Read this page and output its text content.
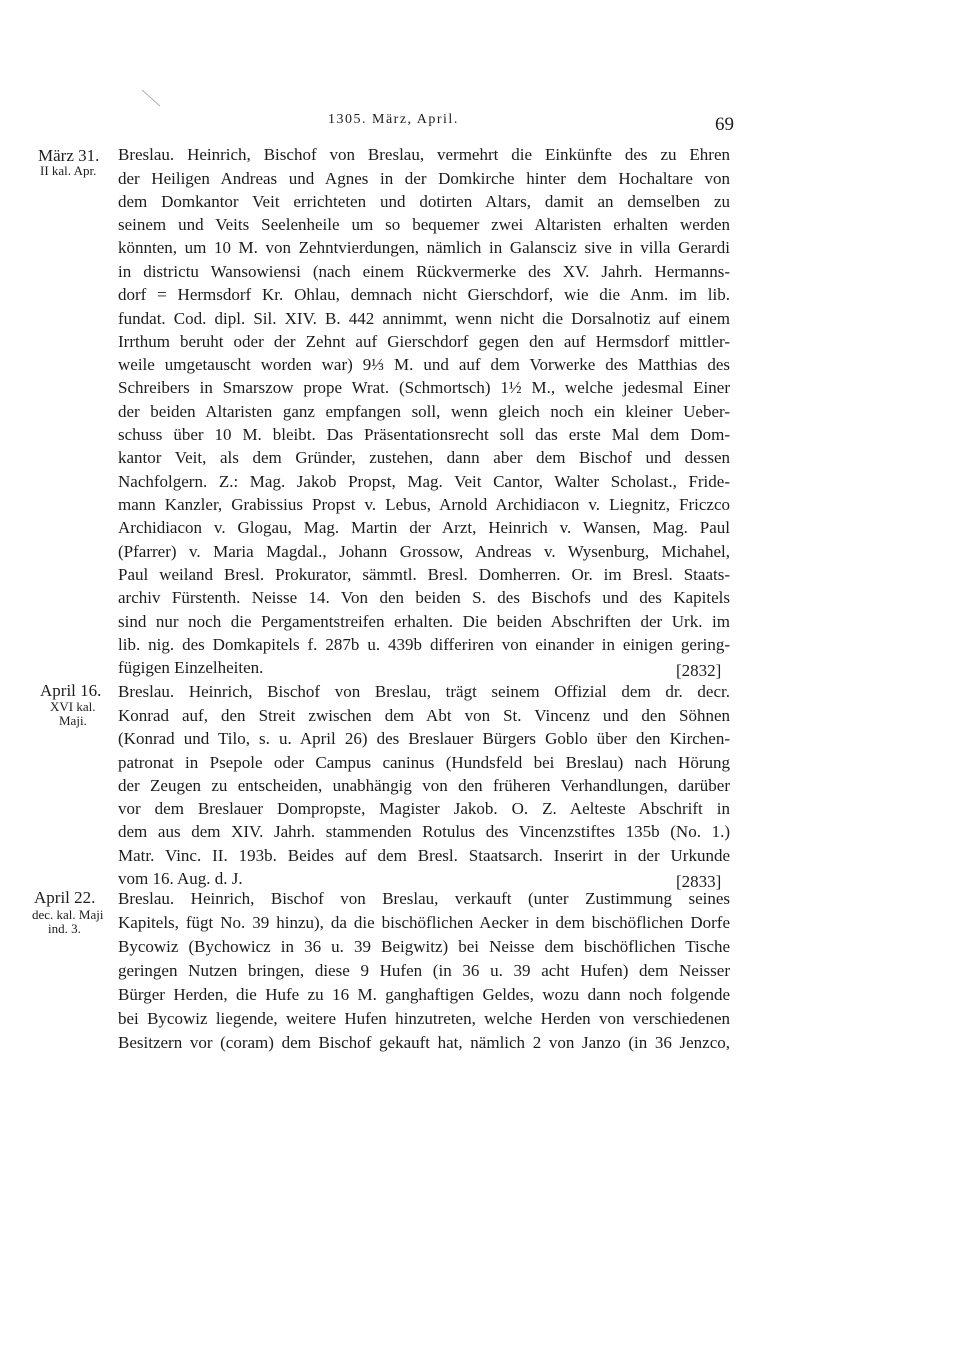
1305. März, April.	69
März 31.
II kal. Apr.
Breslau. Heinrich, Bischof von Breslau, vermehrt die Einkünfte des zu Ehren
der Heiligen Andreas und Agnes in der Domkirche hinter dem Hochaltare von
dem Domkantor Veit errichteten und dotirten Altars, damit an demselben zu
seinem und Veits Seelenheile um so bequemer zwei Altaristen erhalten werden
könnten, um 10 M. von Zehntvierdungen, nämlich in Galansciz sive in villa Gerardi
in districtu Wansowiensi (nach einem Rückvermerke des XV. Jahrh. Hermanns-
dorf = Hermsdorf Kr. Ohlau, demnach nicht Gierschdorf, wie die Anm. im lib.
fundat. Cod. dipl. Sil. XIV. B. 442 annimmt, wenn nicht die Dorsalnotiz auf einem
Irrthum beruht oder der Zehnt auf Gierschdorf gegen den auf Hermsdorf mittler-
weile umgetauscht worden war) 9⅓ M. und auf dem Vorwerke des Matthias des
Schreibers in Smarszow prope Wrat. (Schmortsch) 1½ M., welche jedesmal Einer
der beiden Altaristen ganz empfangen soll, wenn gleich noch ein kleiner Ueber-
schuss über 10 M. bleibt. Das Präsentationsrecht soll das erste Mal dem Dom-
kantor Veit, als dem Gründer, zustehen, dann aber dem Bischof und dessen
Nachfolgern. Z.: Mag. Jakob Propst, Mag. Veit Cantor, Walter Scholast., Fride-
mann Kanzler, Grabissius Propst v. Lebus, Arnold Archidiacon v. Liegnitz, Friczco
Archidiacon v. Glogau, Mag. Martin der Arzt, Heinrich v. Wansen, Mag. Paul
(Pfarrer) v. Maria Magdal., Johann Grossow, Andreas v. Wysenburg, Michahel,
Paul weiland Bresl. Prokurator, sämmtl. Bresl. Domherren. Or. im Bresl. Staats-
archiv Fürstenth. Neisse 14. Von den beiden S. des Bischofs und des Kapitels
sind nur noch die Pergamentstreifen erhalten. Die beiden Abschriften der Urk. im
lib. nig. des Domkapitels f. 287b u. 439b differiren von einander in einigen gering-
fügigen Einzelheiten.	[2832]
April 16.
XVI kal.
Maji.
Breslau. Heinrich, Bischof von Breslau, trägt seinem Offizial dem dr. decr.
Konrad auf, den Streit zwischen dem Abt von St. Vincenz und den Söhnen
(Konrad und Tilo, s. u. April 26) des Breslauer Bürgers Goblo über den Kirchen-
patronat in Psepole oder Campus caninus (Hundsfeld bei Breslau) nach Hörung
der Zeugen zu entscheiden, unabhängig von den früheren Verhandlungen, darüber
vor dem Breslauer Dompropste, Magister Jakob. O. Z. Aelteste Abschrift in
dem aus dem XIV. Jahrh. stammenden Rotulus des Vincenzstiftes 135b (No. 1.)
Matr. Vinc. II. 193b. Beides auf dem Bresl. Staatsarch. Inserirt in der Urkunde
vom 16. Aug. d. J.	[2833]
April 22.
dec. kal. Maji
ind. 3.
Breslau. Heinrich, Bischof von Breslau, verkauft (unter Zustimmung seines
Kapitels, fügt No. 39 hinzu), da die bischöflichen Aecker in dem bischöflichen Dorfe
Bycowiz (Bychowicz in 36 u. 39 Beigwitz) bei Neisse dem bischöflichen Tische
geringen Nutzen bringen, diese 9 Hufen (in 36 u. 39 acht Hufen) dem Neisser
Bürger Herden, die Hufe zu 16 M. ganghaftigen Geldes, wozu dann noch folgende
bei Bycowiz liegende, weitere Hufen hinzutreten, welche Herden von verschiedenen
Besitzern vor (coram) dem Bischof gekauft hat, nämlich 2 von Janzo (in 36 Jenzco,
